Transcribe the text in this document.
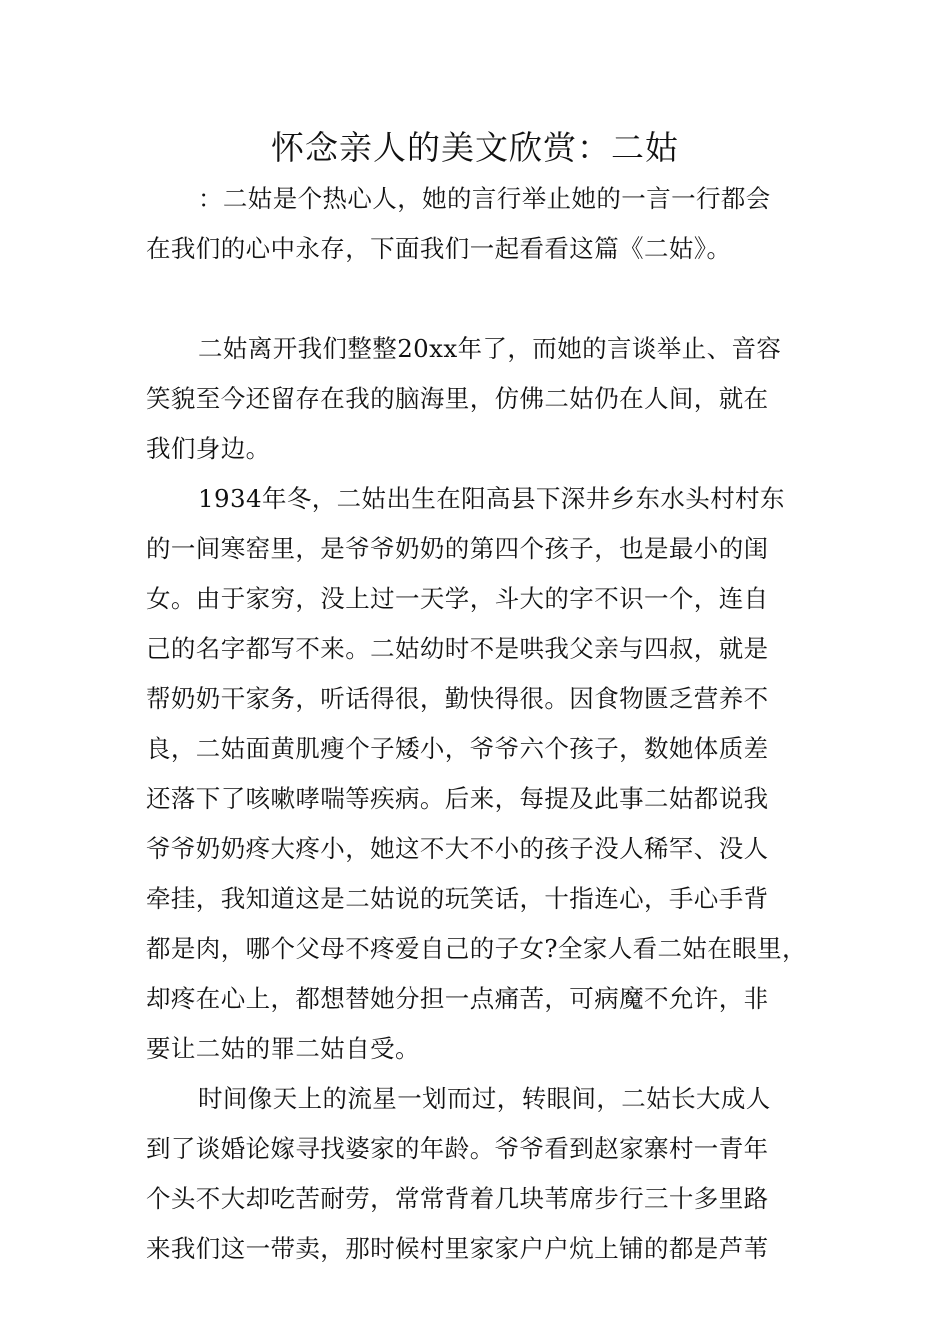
怀念亲人的美文欣赏：二姑
：二姑是个热心人，她的言行举止她的一言一行都会
在我们的心中永存，下面我们一起看看这篇《二姑》。
二姑离开我们整整20xx年了，而她的言谈举止、音容
笑貌至今还留存在我的脑海里，仿佛二姑仍在人间，就在
我们身边。
1934年冬，二姑出生在阳高县下深井乡东水头村村东
的一间寒窑里，是爷爷奶奶的第四个孩子，也是最小的闺
女。由于家穷，没上过一天学，斗大的字不识一个，连自
己的名字都写不来。二姑幼时不是哄我父亲与四叔，就是
帮奶奶干家务，听话得很，勤快得很。因食物匮乏营养不
良，二姑面黄肌瘦个子矮小，爷爷六个孩子，数她体质差
还落下了咳嗽哮喘等疾病。后来，每提及此事二姑都说我
爷爷奶奶疼大疼小，她这不大不小的孩子没人稀罕、没人
牵挂，我知道这是二姑说的玩笑话，十指连心，手心手背
都是肉，哪个父母不疼爱自己的子女?全家人看二姑在眼里，
却疼在心上，都想替她分担一点痛苦，可病魔不允许，非
要让二姑的罪二姑自受。
时间像天上的流星一划而过，转眼间，二姑长大成人
到了谈婚论嫁寻找婆家的年龄。爷爷看到赵家寨村一青年
个头不大却吃苦耐劳，常常背着几块苇席步行三十多里路
来我们这一带卖，那时候村里家家户户炕上铺的都是芦苇
